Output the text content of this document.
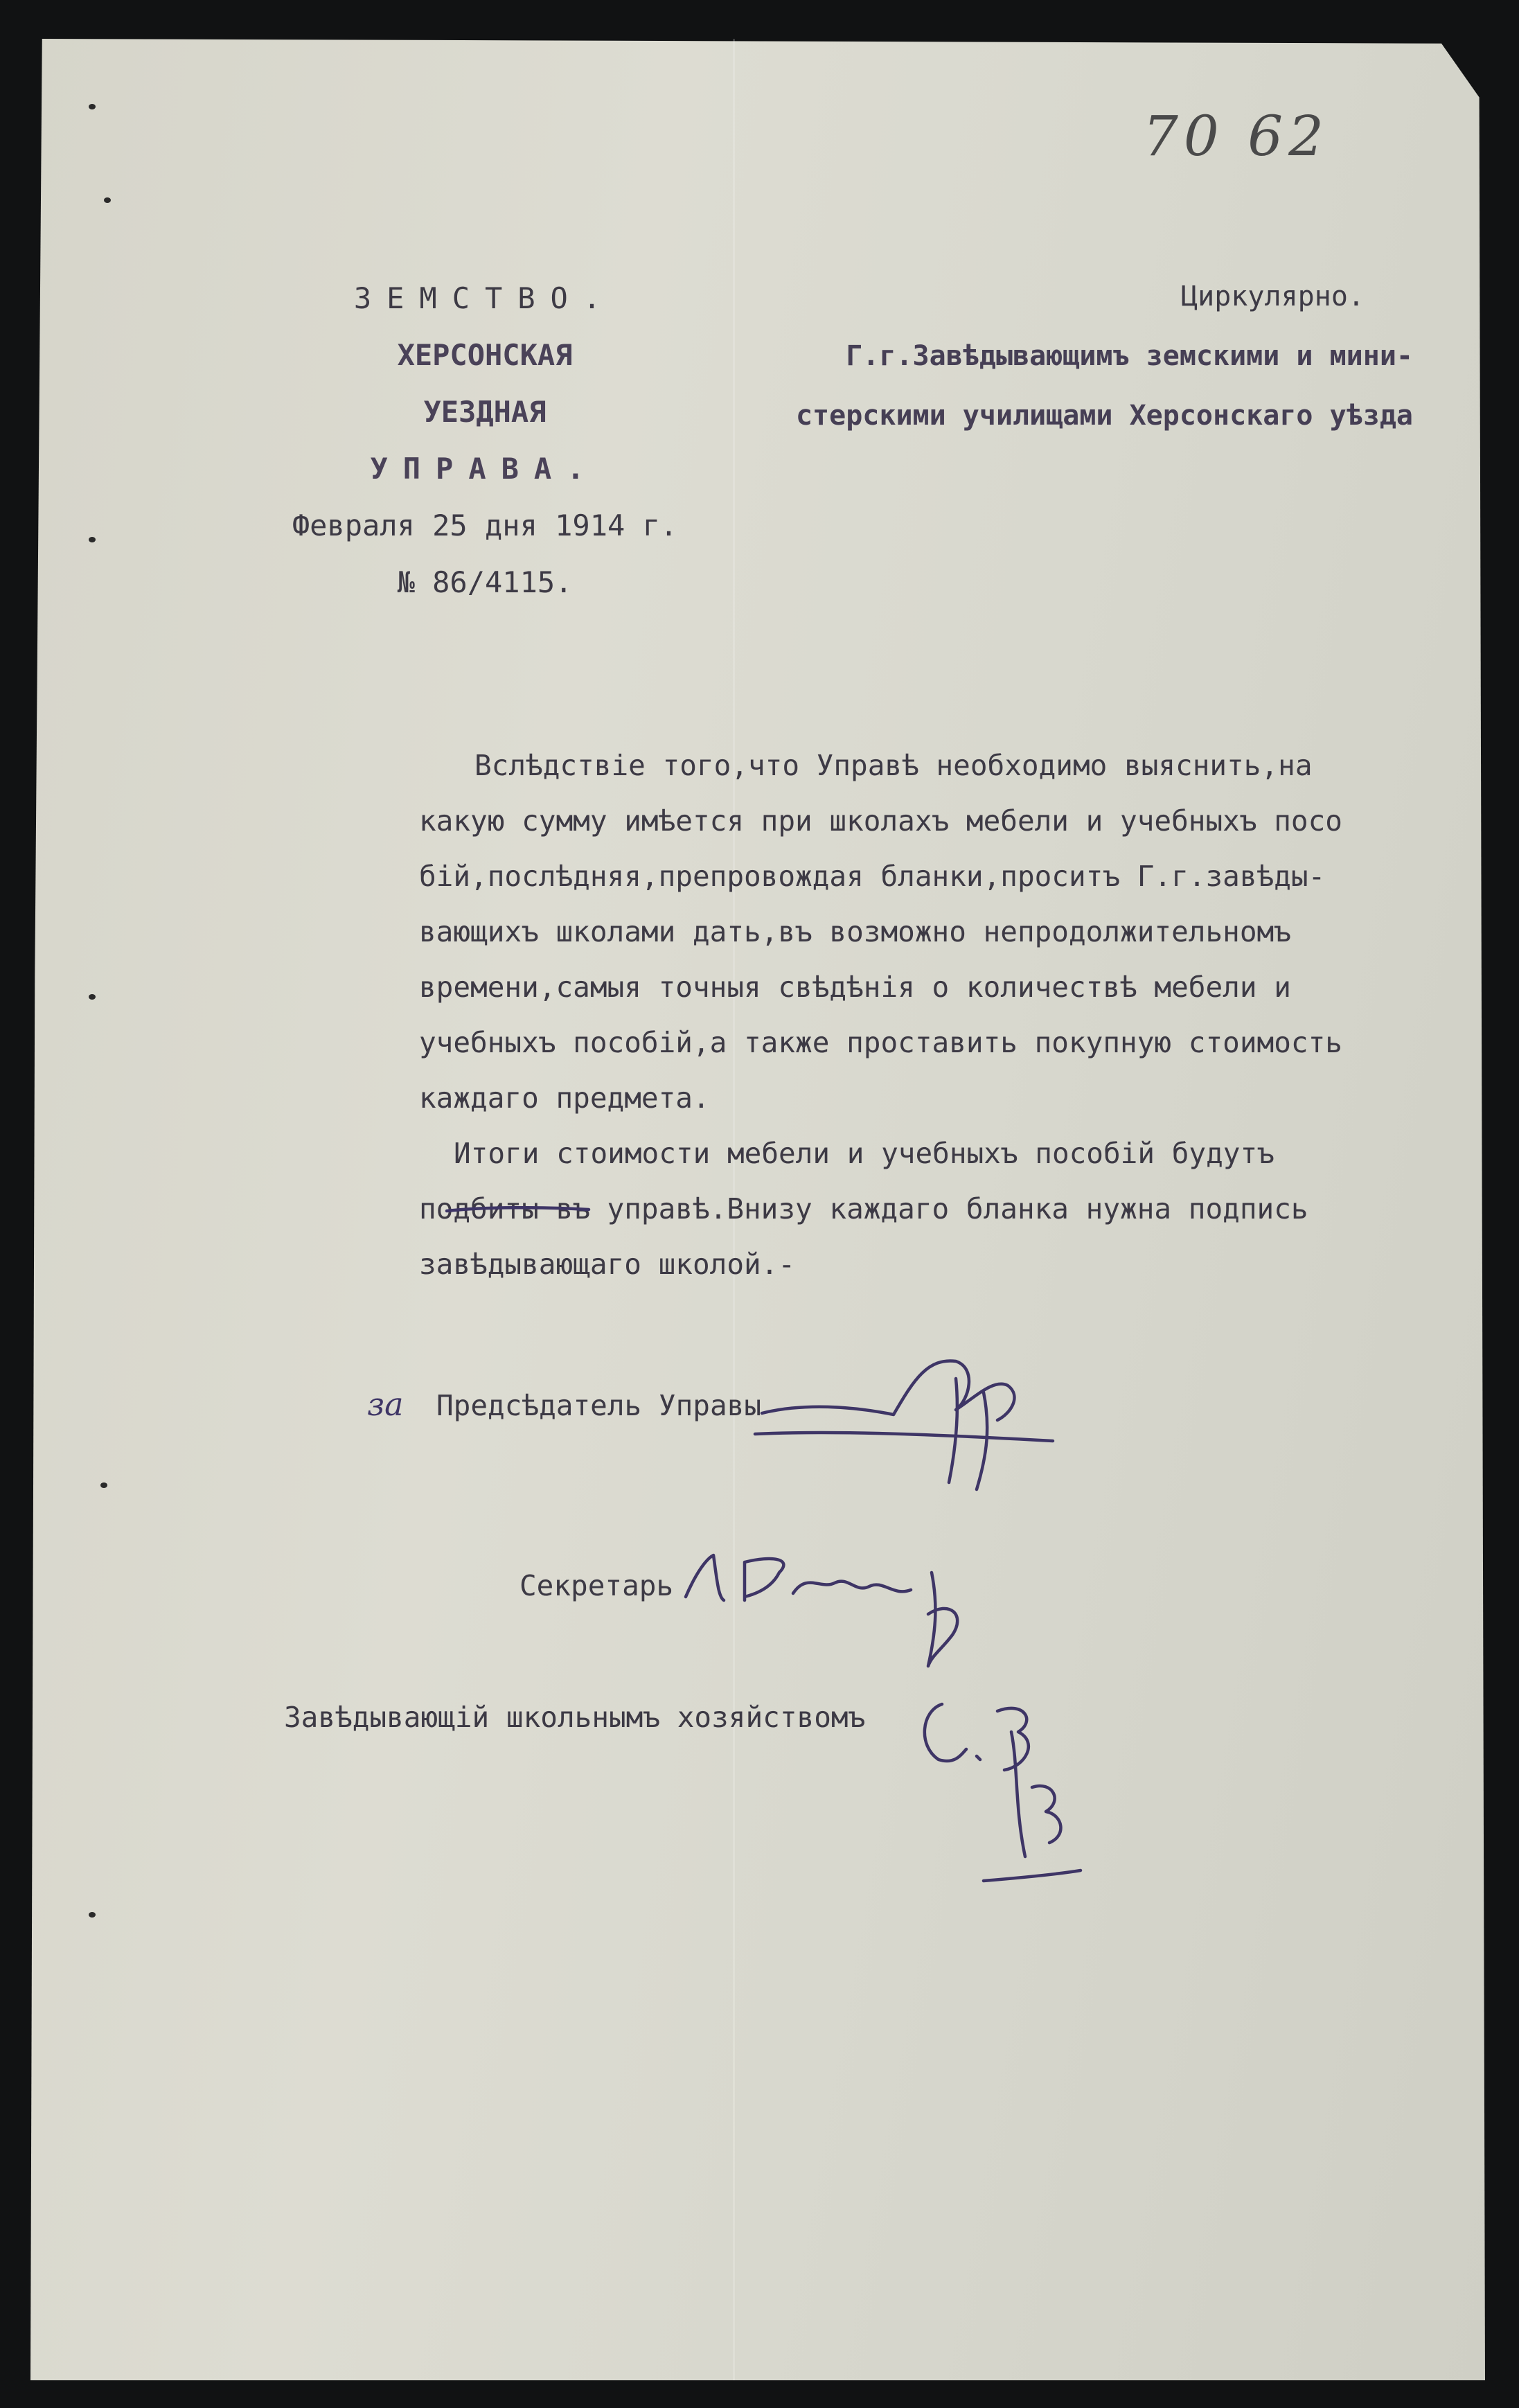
70 62
ЗЕМСТВО.
ХЕРСОНСКАЯ
УЕЗДНАЯ
УПРАВА.
Февраля 25 дня 1914 г.
№ 86/4115.
Циркулярно.
Г.г.Завѣдывающимъ земскими и мини-
стерскими училищами Херсонскаго уѣзда
Вслѣдствіе того,что Управѣ необходимо выяснить,на
какую сумму имѣется при школахъ мебели и учебныхъ посо
бій,послѣдняя,препровождая бланки,проситъ Г.г.завѣды-
вающихъ школами дать,въ возможно непродолжительномъ
времени,самыя точныя свѣдѣнія о количествѣ мебели и
учебныхъ пособій,а также проставить покупную стоимость
каждаго предмета.
Итоги стоимости мебели и учебныхъ пособій будутъ
подбиты въ управѣ.Внизу каждаго бланка нужна подпись
завѣдывающаго школой.-
за Предсѣдатель Управы
Секретарь
Завѣдывающій школьнымъ хозяйствомъ
